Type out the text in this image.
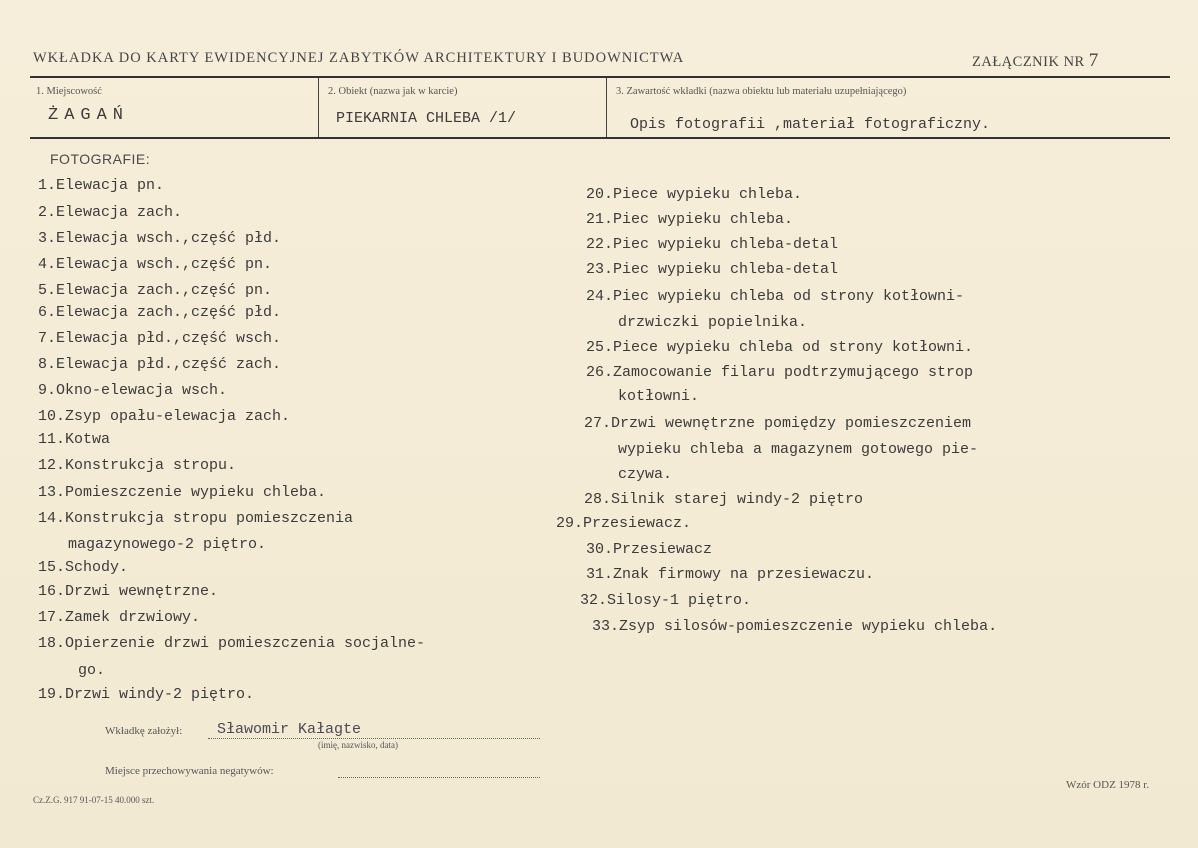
WKŁADKA DO KARTY EWIDENCYJNEJ ZABYTKÓW ARCHITEKTURY I BUDOWNICTWA	ZAŁĄCZNIK NR 7
1. Miejscowość
ŻAGAŃ
2. Obiekt (nazwa jak w karcie)
PIEKARNIA CHLEBA /1/
3. Zawartość wkładki (nazwa obiektu lub materiału uzupełniającego)
Opis fotografii ,materiał fotograficzny.
FOTOGRAFIE:
1.Elewacja pn.
2.Elewacja zach.
3.Elewacja wsch.,część płd.
4.Elewacja wsch.,część pn.
5.Elewacja zach.,część pn.
6.Elewacja zach.,część płd.
7.Elewacja płd.,część wsch.
8.Elewacja płd.,część zach.
9.Okno-elewacja wsch.
10.Zsyp opału-elewacja zach.
11.Kotwa
12.Konstrukcja stropu.
13.Pomieszczenie wypieku chleba.
14.Konstrukcja stropu pomieszczenia
magazynowego-2 piętro.
15.Schody.
16.Drzwi wewnętrzne.
17.Zamek drzwiowy.
18.Opierzenie drzwi pomieszczenia socjalne-
go.
19.Drzwi windy-2 piętro.
20.Piece wypieku chleba.
21.Piec wypieku chleba.
22.Piec wypieku chleba-detal
23.Piec wypieku chleba-detal
24.Piec wypieku chleba od strony kotłowni-
drzwiczki popielnika.
25.Piece wypieku chleba od strony kotłowni.
26.Zamocowanie filaru podtrzymującego strop
kotłowni.
27.Drzwi wewnętrzne pomiędzy pomieszczeniem
wypieku chleba a magazynem gotowego pie-
czywa.
28.Silnik starej windy-2 piętro
29.Przesiewacz.
30.Przesiewacz
31.Znak firmowy na przesiewaczu.
32.Silosy-1 piętro.
33.Zsyp silosów-pomieszczenie wypieku chleba.
Wkładkę założył: Sławomir Kałagte
(imię, nazwisko, data)
Miejsce przechowywania negatywów:
Cz.Z.G. 917 91-07-15 40.000 szt.
Wzór ODZ 1978 r.
